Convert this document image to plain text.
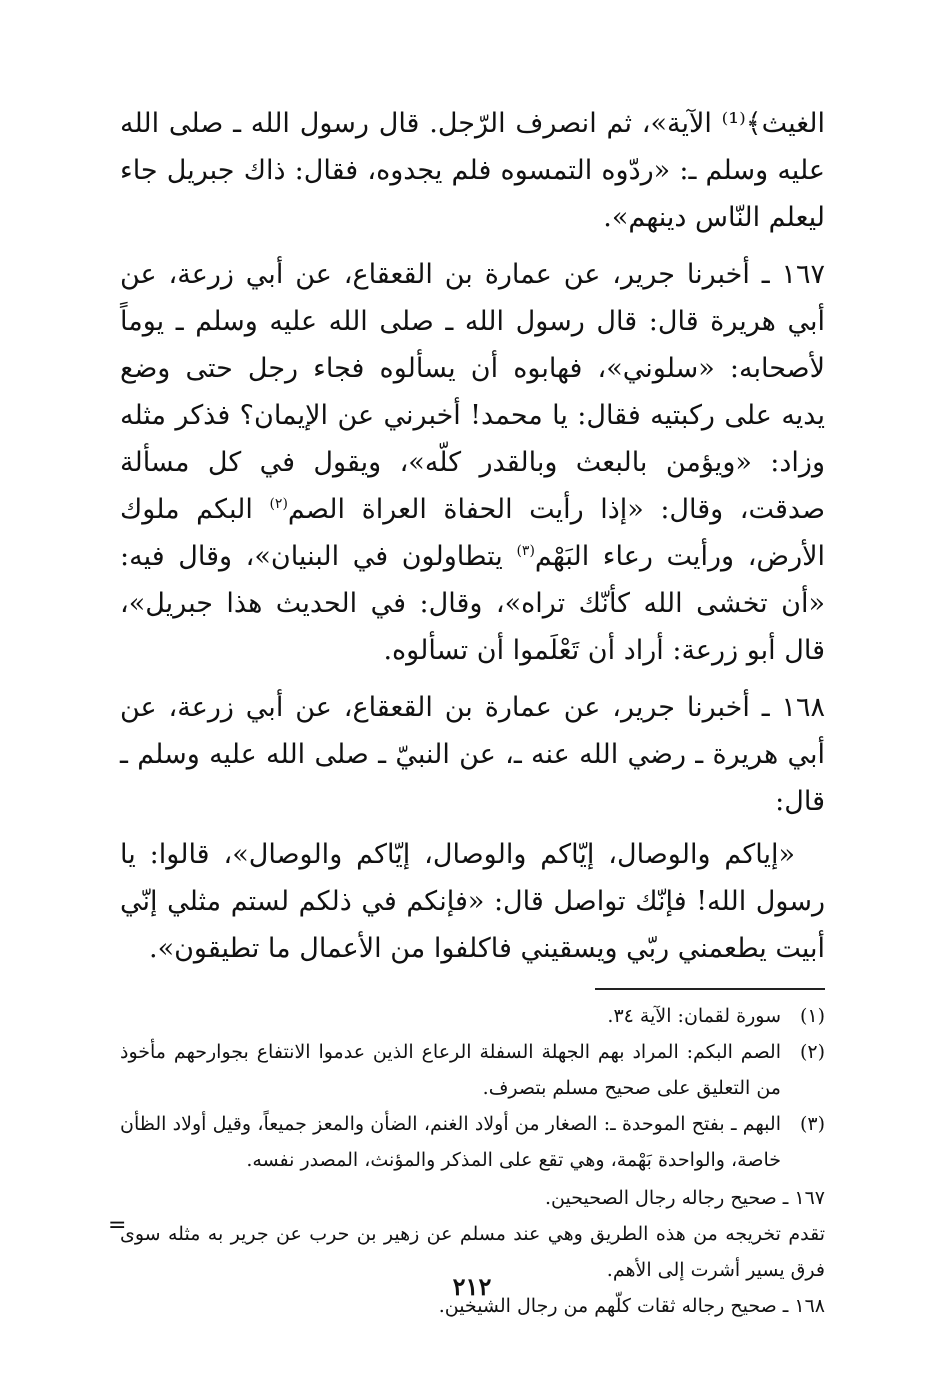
الغيث﴾⁽¹⁾ الآية»، ثم انصرف الرّجل. قال رسول الله ـ صلى الله عليه وسلم ـ: «ردّوه التمسوه فلم يجدوه، فقال: ذاك جبريل جاء ليعلم النّاس دينهم».

١٦٧ ـ أخبرنا جرير، عن عمارة بن القعقاع، عن أبي زرعة، عن أبي هريرة قال: قال رسول الله ـ صلى الله عليه وسلم ـ يوماً لأصحابه: «سلوني»، فهابوه أن يسألوه فجاء رجل حتى وضع يديه على ركبتيه فقال: يا محمد! أخبرني عن الإيمان؟ فذكر مثله وزاد: «ويؤمن بالبعث وبالقدر كلّه»، ويقول في كل مسألة صدقت، وقال: «إذا رأيت الحفاة العراة الصم$^{(٢)}$ البكم ملوك الأرض، ورأيت رعاء البَهْم$^{(٣)}$ يتطاولون في البنيان»، وقال فيه: «أن تخشى الله كأنّك تراه»، وقال: في الحديث هذا جبريل»، قال أبو زرعة: أراد أن تَعْلَموا أن تسألوه.

١٦٨ ـ أخبرنا جرير، عن عمارة بن القعقاع، عن أبي زرعة، عن أبي هريرة ـ رضي الله عنه ـ، عن النبيّ ـ صلى الله عليه وسلم ـ قال:

«إياكم والوصال، إيّاكم والوصال، إيّاكم والوصال»، قالوا: يا رسول الله! فإنّك تواصل قال: «فإنكم في ذلكم لستم مثلي إنّي أبيت يطعمني ربّي ويسقيني فاكلفوا من الأعمال ما تطيقون».

(١)
سورة لقمان: الآية ٣٤.
(٢)
الصم البكم: المراد بهم الجهلة السفلة الرعاع الذين عدموا الانتفاع بجوارحهم مأخوذ من التعليق على صحيح مسلم بتصرف.
(٣)
البهم ـ بفتح الموحدة ـ: الصغار من أولاد الغنم، الضأن والمعز جميعاً، وقيل أولاد الظأن خاصة، والواحدة بَهْمة، وهي تقع على المذكر والمؤنث، المصدر نفسه.
١٦٧ ـ صحيح رجاله رجال الصحيحين.
تقدم تخريجه من هذه الطريق وهي عند مسلم عن زهير بن حرب عن جرير به مثله سوى فرق يسير أشرت إلى الأهم.
١٦٨ ـ صحيح رجاله ثقات كلّهم من رجال الشيخين.
=
٢١٢
